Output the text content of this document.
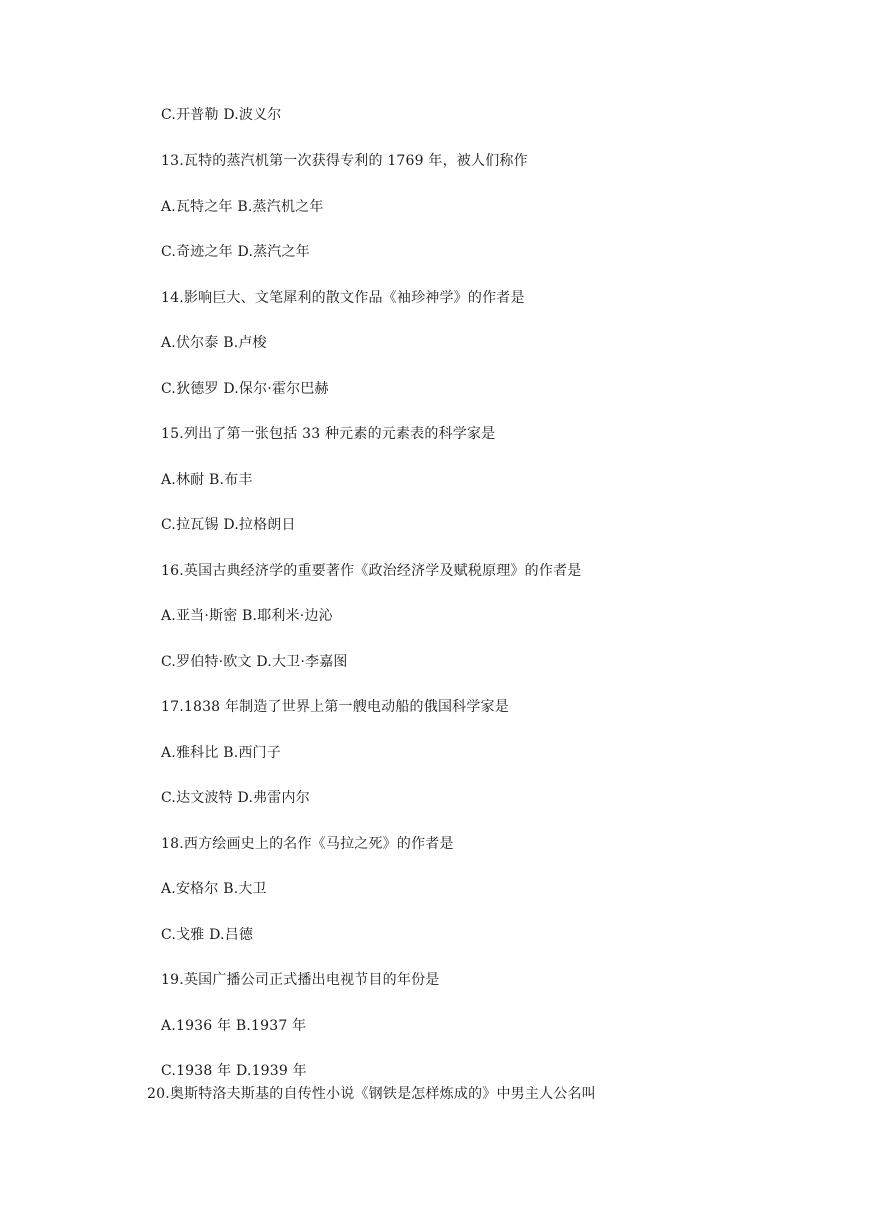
C.开普勒 D.波义尔
13.瓦特的蒸汽机第一次获得专利的 1769 年，被人们称作
A.瓦特之年 B.蒸汽机之年
C.奇迹之年 D.蒸汽之年
14.影响巨大、文笔犀利的散文作品《袖珍神学》的作者是
A.伏尔泰 B.卢梭
C.狄德罗 D.保尔·霍尔巴赫
15.列出了第一张包括 33 种元素的元素表的科学家是
A.林耐 B.布丰
C.拉瓦锡 D.拉格朗日
16.英国古典经济学的重要著作《政治经济学及赋税原理》的作者是
A.亚当·斯密 B.耶利米·边沁
C.罗伯特·欧文 D.大卫·李嘉图
17.1838 年制造了世界上第一艘电动船的俄国科学家是
A.雅科比 B.西门子
C.达文波特 D.弗雷内尔
18.西方绘画史上的名作《马拉之死》的作者是
A.安格尔 B.大卫
C.戈雅 D.吕德
19.英国广播公司正式播出电视节目的年份是
A.1936 年 B.1937 年
C.1938 年 D.1939 年
20.奥斯特洛夫斯基的自传性小说《钢铁是怎样炼成的》中男主人公名叫
